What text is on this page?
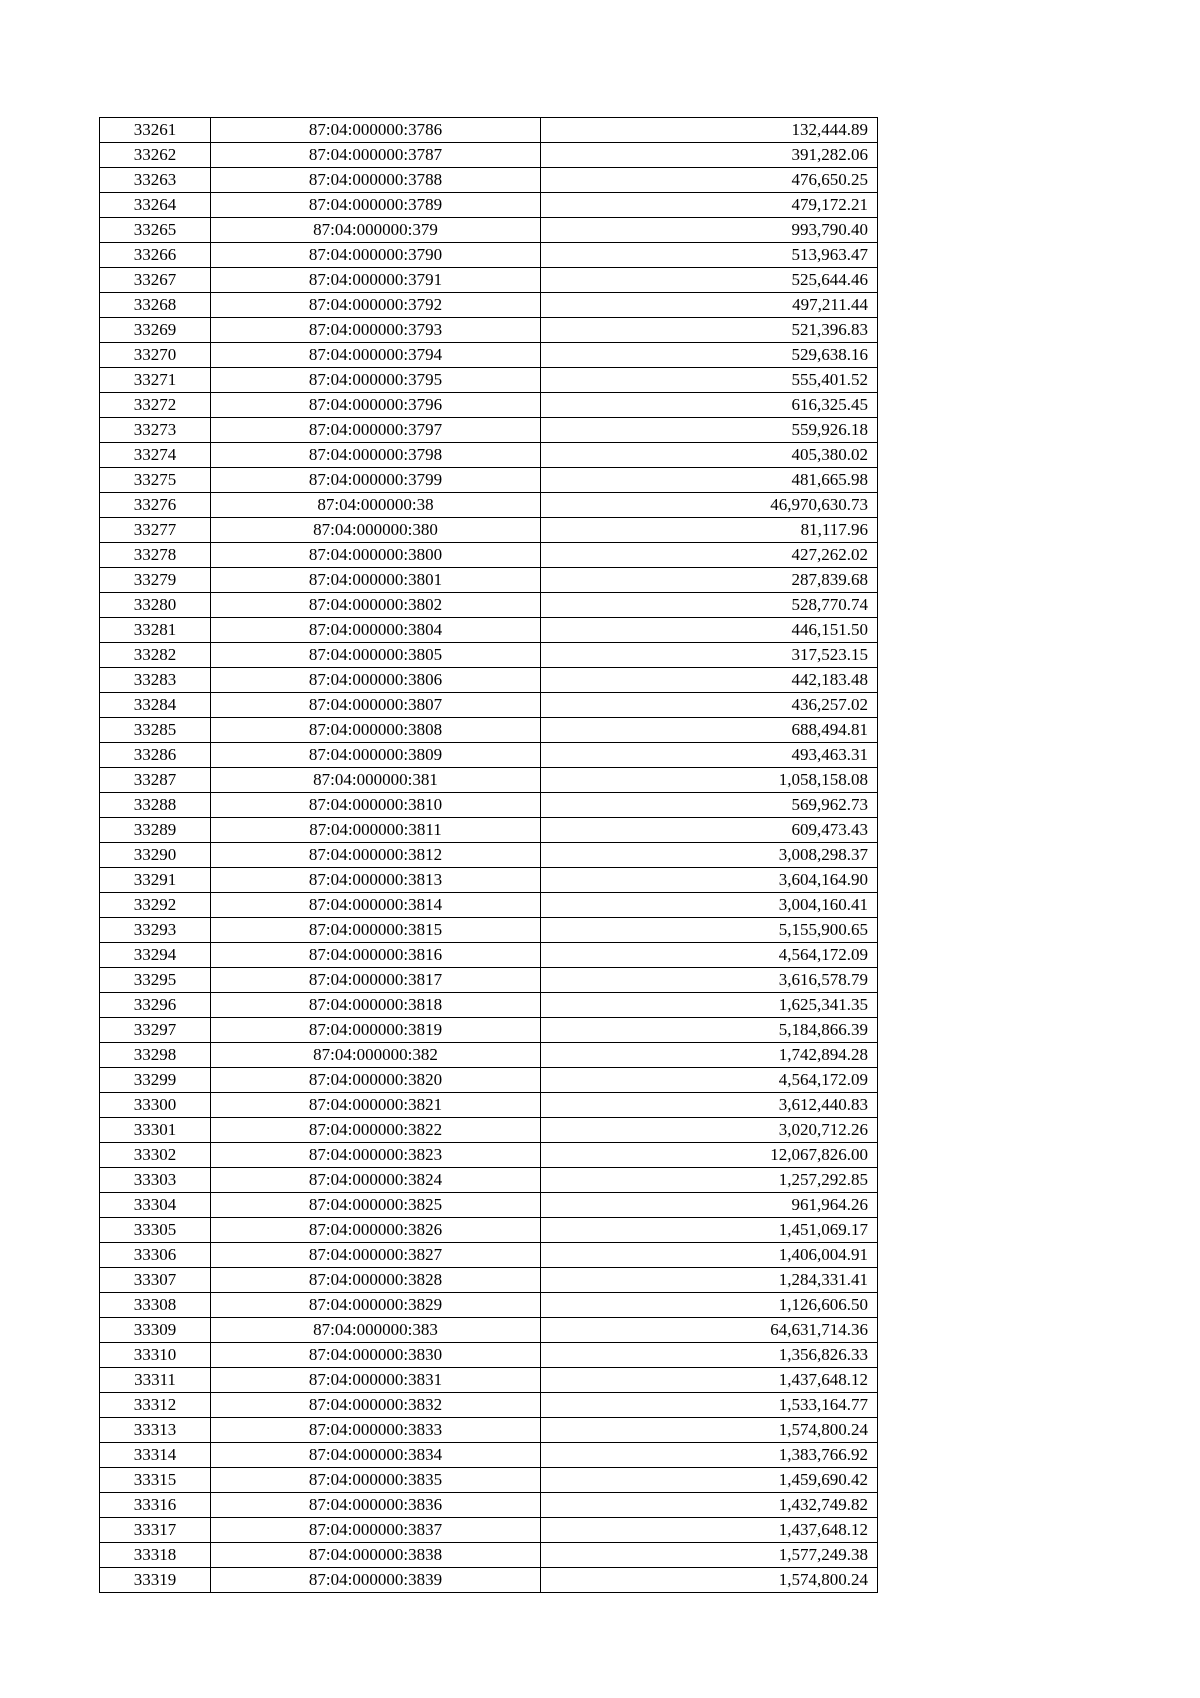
33261	87:04:000000:3786	132,444.89
33262	87:04:000000:3787	391,282.06
33263	87:04:000000:3788	476,650.25
33264	87:04:000000:3789	479,172.21
33265	87:04:000000:379	993,790.40
33266	87:04:000000:3790	513,963.47
33267	87:04:000000:3791	525,644.46
33268	87:04:000000:3792	497,211.44
33269	87:04:000000:3793	521,396.83
33270	87:04:000000:3794	529,638.16
33271	87:04:000000:3795	555,401.52
33272	87:04:000000:3796	616,325.45
33273	87:04:000000:3797	559,926.18
33274	87:04:000000:3798	405,380.02
33275	87:04:000000:3799	481,665.98
33276	87:04:000000:38	46,970,630.73
33277	87:04:000000:380	81,117.96
33278	87:04:000000:3800	427,262.02
33279	87:04:000000:3801	287,839.68
33280	87:04:000000:3802	528,770.74
33281	87:04:000000:3804	446,151.50
33282	87:04:000000:3805	317,523.15
33283	87:04:000000:3806	442,183.48
33284	87:04:000000:3807	436,257.02
33285	87:04:000000:3808	688,494.81
33286	87:04:000000:3809	493,463.31
33287	87:04:000000:381	1,058,158.08
33288	87:04:000000:3810	569,962.73
33289	87:04:000000:3811	609,473.43
33290	87:04:000000:3812	3,008,298.37
33291	87:04:000000:3813	3,604,164.90
33292	87:04:000000:3814	3,004,160.41
33293	87:04:000000:3815	5,155,900.65
33294	87:04:000000:3816	4,564,172.09
33295	87:04:000000:3817	3,616,578.79
33296	87:04:000000:3818	1,625,341.35
33297	87:04:000000:3819	5,184,866.39
33298	87:04:000000:382	1,742,894.28
33299	87:04:000000:3820	4,564,172.09
33300	87:04:000000:3821	3,612,440.83
33301	87:04:000000:3822	3,020,712.26
33302	87:04:000000:3823	12,067,826.00
33303	87:04:000000:3824	1,257,292.85
33304	87:04:000000:3825	961,964.26
33305	87:04:000000:3826	1,451,069.17
33306	87:04:000000:3827	1,406,004.91
33307	87:04:000000:3828	1,284,331.41
33308	87:04:000000:3829	1,126,606.50
33309	87:04:000000:383	64,631,714.36
33310	87:04:000000:3830	1,356,826.33
33311	87:04:000000:3831	1,437,648.12
33312	87:04:000000:3832	1,533,164.77
33313	87:04:000000:3833	1,574,800.24
33314	87:04:000000:3834	1,383,766.92
33315	87:04:000000:3835	1,459,690.42
33316	87:04:000000:3836	1,432,749.82
33317	87:04:000000:3837	1,437,648.12
33318	87:04:000000:3838	1,577,249.38
33319	87:04:000000:3839	1,574,800.24
